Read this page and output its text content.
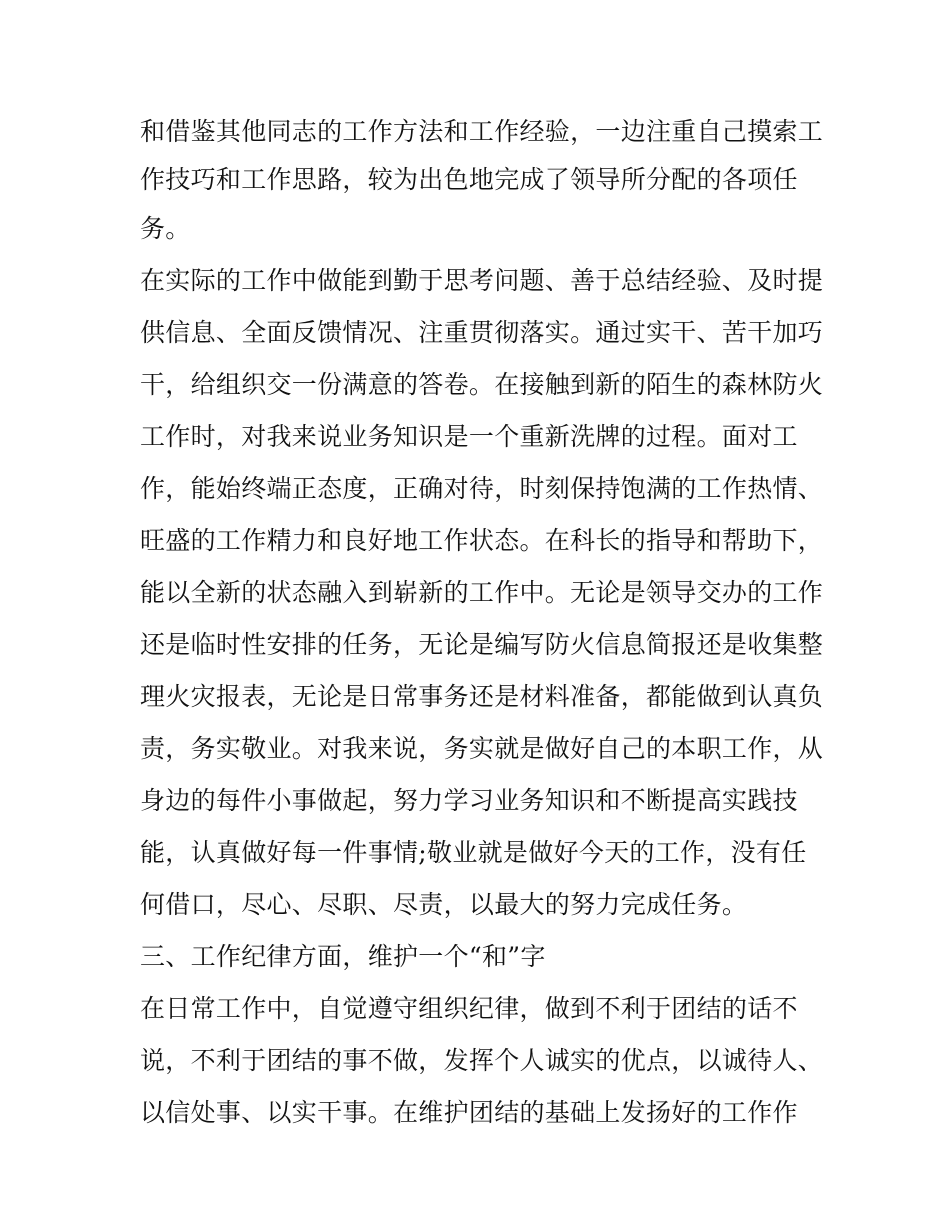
和借鉴其他同志的工作方法和工作经验，一边注重自己摸索工
作技巧和工作思路，较为出色地完成了领导所分配的各项任
务。
在实际的工作中做能到勤于思考问题、善于总结经验、及时提
供信息、全面反馈情况、注重贯彻落实。通过实干、苦干加巧
干，给组织交一份满意的答卷。在接触到新的陌生的森林防火
工作时，对我来说业务知识是一个重新洗牌的过程。面对工
作，能始终端正态度，正确对待，时刻保持饱满的工作热情、
旺盛的工作精力和良好地工作状态。在科长的指导和帮助下，
能以全新的状态融入到崭新的工作中。无论是领导交办的工作
还是临时性安排的任务，无论是编写防火信息简报还是收集整
理火灾报表，无论是日常事务还是材料准备，都能做到认真负
责，务实敬业。对我来说，务实就是做好自己的本职工作，从
身边的每件小事做起，努力学习业务知识和不断提高实践技
能，认真做好每一件事情;敬业就是做好今天的工作，没有任
何借口，尽心、尽职、尽责，以最大的努力完成任务。
三、工作纪律方面，维护一个“和”字
在日常工作中，自觉遵守组织纪律，做到不利于团结的话不
说，不利于团结的事不做，发挥个人诚实的优点，以诚待人、
以信处事、以实干事。在维护团结的基础上发扬好的工作作
